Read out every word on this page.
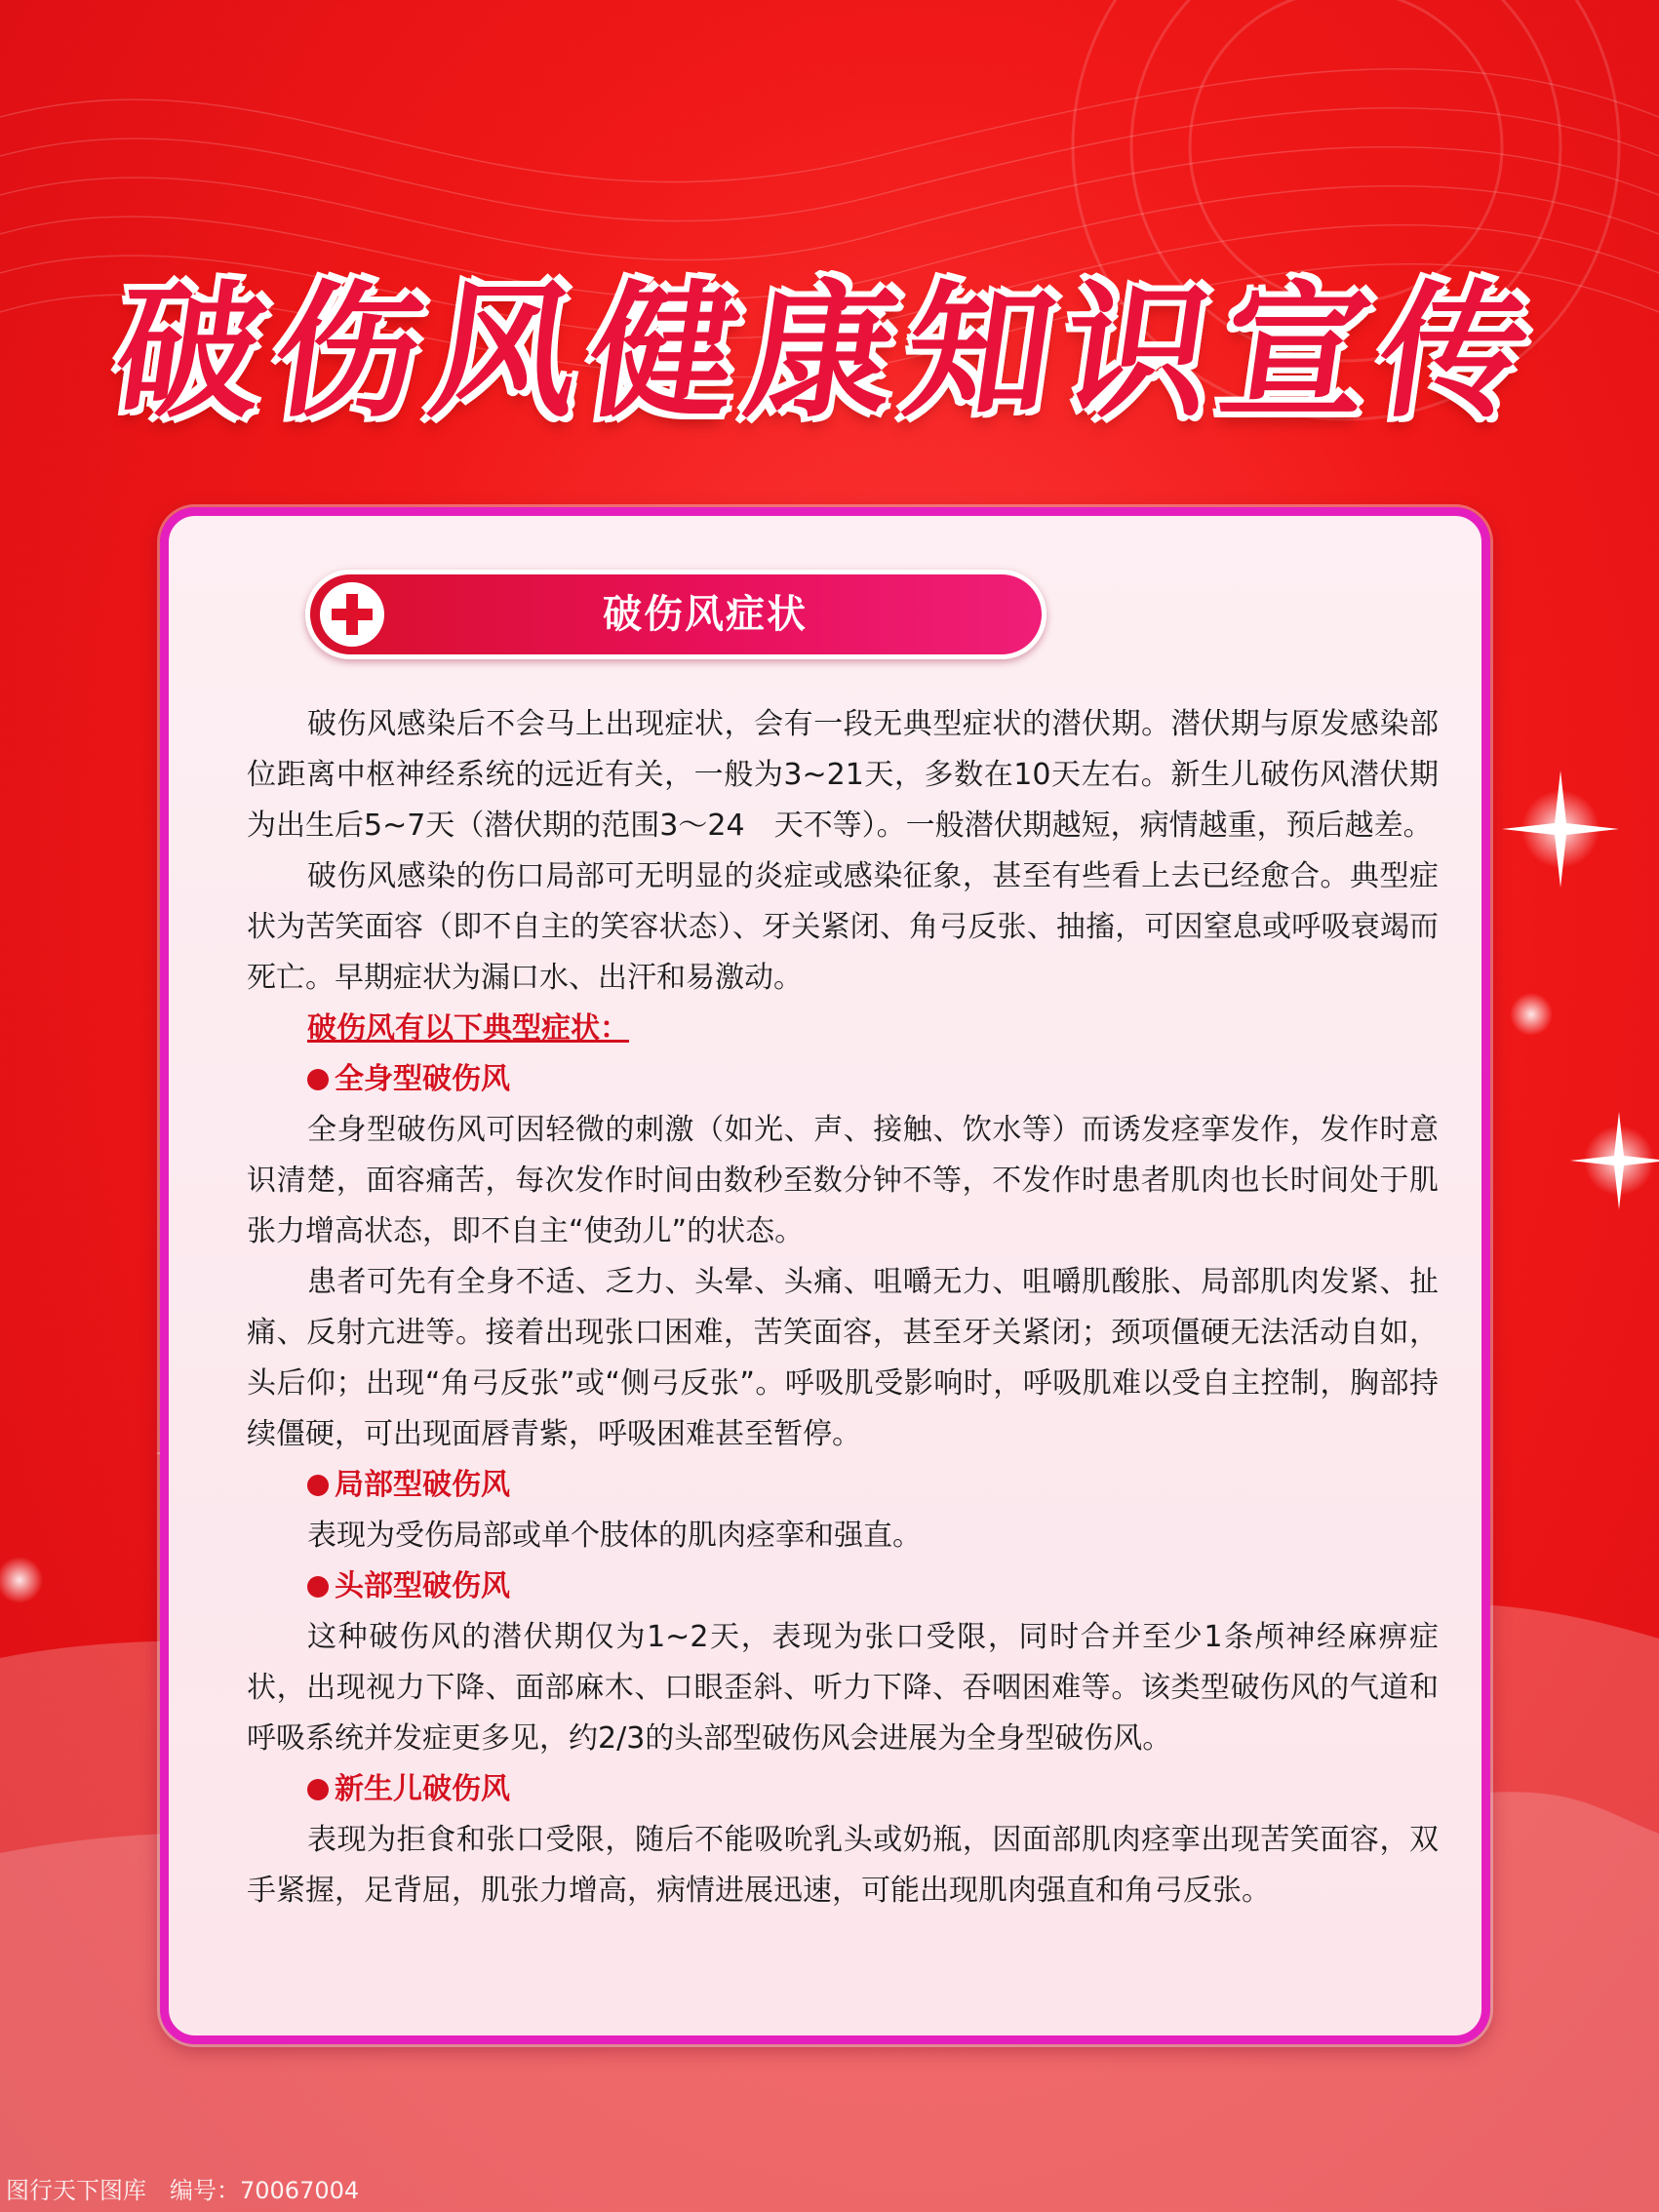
破伤风健康知识宣传
破伤风症状

破伤风感染后不会马上出现症状，会有一段无典型症状的潜伏期。潜伏期与原发感染部位距离中枢神经系统的远近有关，一般为3~21天，多数在10天左右。新生儿破伤风潜伏期为出生后5~7天（潜伏期的范围3～24　天不等）。一般潜伏期越短，病情越重，预后越差。

破伤风感染的伤口局部可无明显的炎症或感染征象，甚至有些看上去已经愈合。典型症状为苦笑面容（即不自主的笑容状态）、牙关紧闭、角弓反张、抽搐，可因窒息或呼吸衰竭而死亡。早期症状为漏口水、出汗和易激动。

破伤风有以下典型症状：
全身型破伤风

全身型破伤风可因轻微的刺激（如光、声、接触、饮水等）而诱发痉挛发作，发作时意识清楚，面容痛苦，每次发作时间由数秒至数分钟不等，不发作时患者肌肉也长时间处于肌张力增高状态，即不自主“使劲儿”的状态。

患者可先有全身不适、乏力、头晕、头痛、咀嚼无力、咀嚼肌酸胀、局部肌肉发紧、扯痛、反射亢进等。接着出现张口困难，苦笑面容，甚至牙关紧闭；颈项僵硬无法活动自如，头后仰；出现“角弓反张”或“侧弓反张”。呼吸肌受影响时，呼吸肌难以受自主控制，胸部持续僵硬，可出现面唇青紫，呼吸困难甚至暂停。

局部型破伤风

表现为受伤局部或单个肢体的肌肉痉挛和强直。

头部型破伤风

这种破伤风的潜伏期仅为1~2天，表现为张口受限，同时合并至少1条颅神经麻痹症状，出现视力下降、面部麻木、口眼歪斜、听力下降、吞咽困难等。该类型破伤风的气道和呼吸系统并发症更多见，约2/3的头部型破伤风会进展为全身型破伤风。

新生儿破伤风

表现为拒食和张口受限，随后不能吸吮乳头或奶瓶，因面部肌肉痉挛出现苦笑面容，双手紧握，足背屈，肌张力增高，病情进展迅速，可能出现肌肉强直和角弓反张。

图行天下图库　编号：70067004
